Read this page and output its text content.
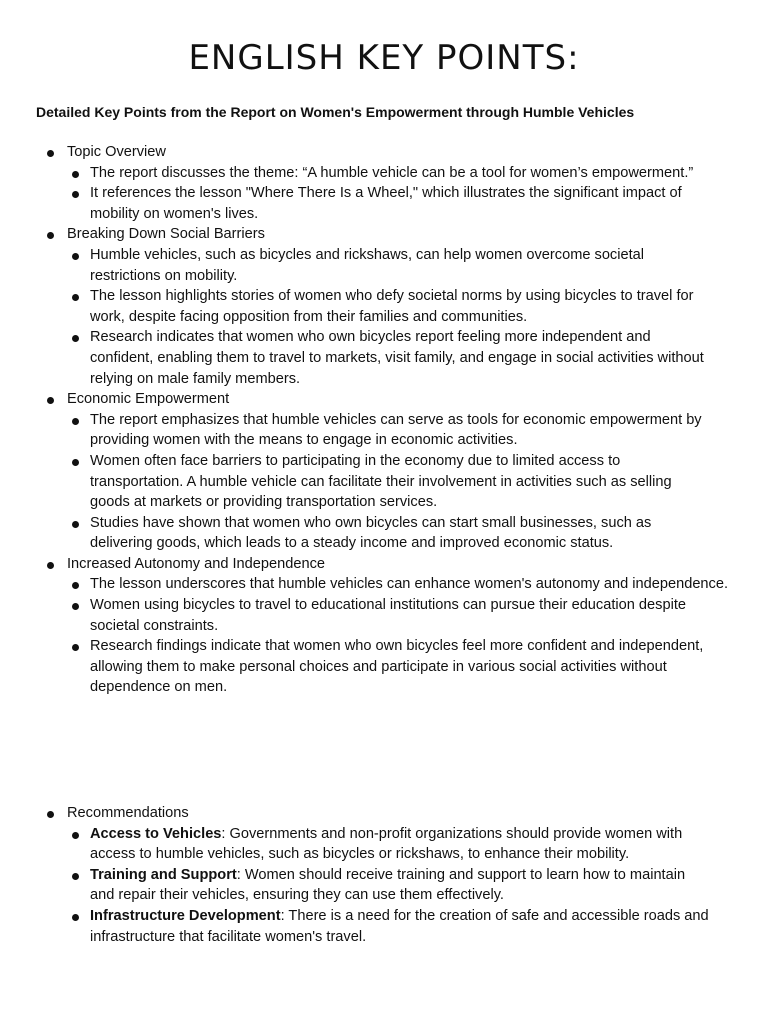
ENGLISH KEY POINTS:
Detailed Key Points from the Report on Women's Empowerment through Humble Vehicles
Topic Overview
The report discusses the theme: “A humble vehicle can be a tool for women’s empowerment.”
It references the lesson "Where There Is a Wheel," which illustrates the significant impact of mobility on women's lives.
Breaking Down Social Barriers
Humble vehicles, such as bicycles and rickshaws, can help women overcome societal restrictions on mobility.
The lesson highlights stories of women who defy societal norms by using bicycles to travel for work, despite facing opposition from their families and communities.
Research indicates that women who own bicycles report feeling more independent and confident, enabling them to travel to markets, visit family, and engage in social activities without relying on male family members.
Economic Empowerment
The report emphasizes that humble vehicles can serve as tools for economic empowerment by providing women with the means to engage in economic activities.
Women often face barriers to participating in the economy due to limited access to transportation. A humble vehicle can facilitate their involvement in activities such as selling goods at markets or providing transportation services.
Studies have shown that women who own bicycles can start small businesses, such as delivering goods, which leads to a steady income and improved economic status.
Increased Autonomy and Independence
The lesson underscores that humble vehicles can enhance women's autonomy and independence.
Women using bicycles to travel to educational institutions can pursue their education despite societal constraints.
Research findings indicate that women who own bicycles feel more confident and independent, allowing them to make personal choices and participate in various social activities without dependence on men.
Recommendations
Access to Vehicles: Governments and non-profit organizations should provide women with access to humble vehicles, such as bicycles or rickshaws, to enhance their mobility.
Training and Support: Women should receive training and support to learn how to maintain and repair their vehicles, ensuring they can use them effectively.
Infrastructure Development: There is a need for the creation of safe and accessible roads and infrastructure that facilitate women's travel.
